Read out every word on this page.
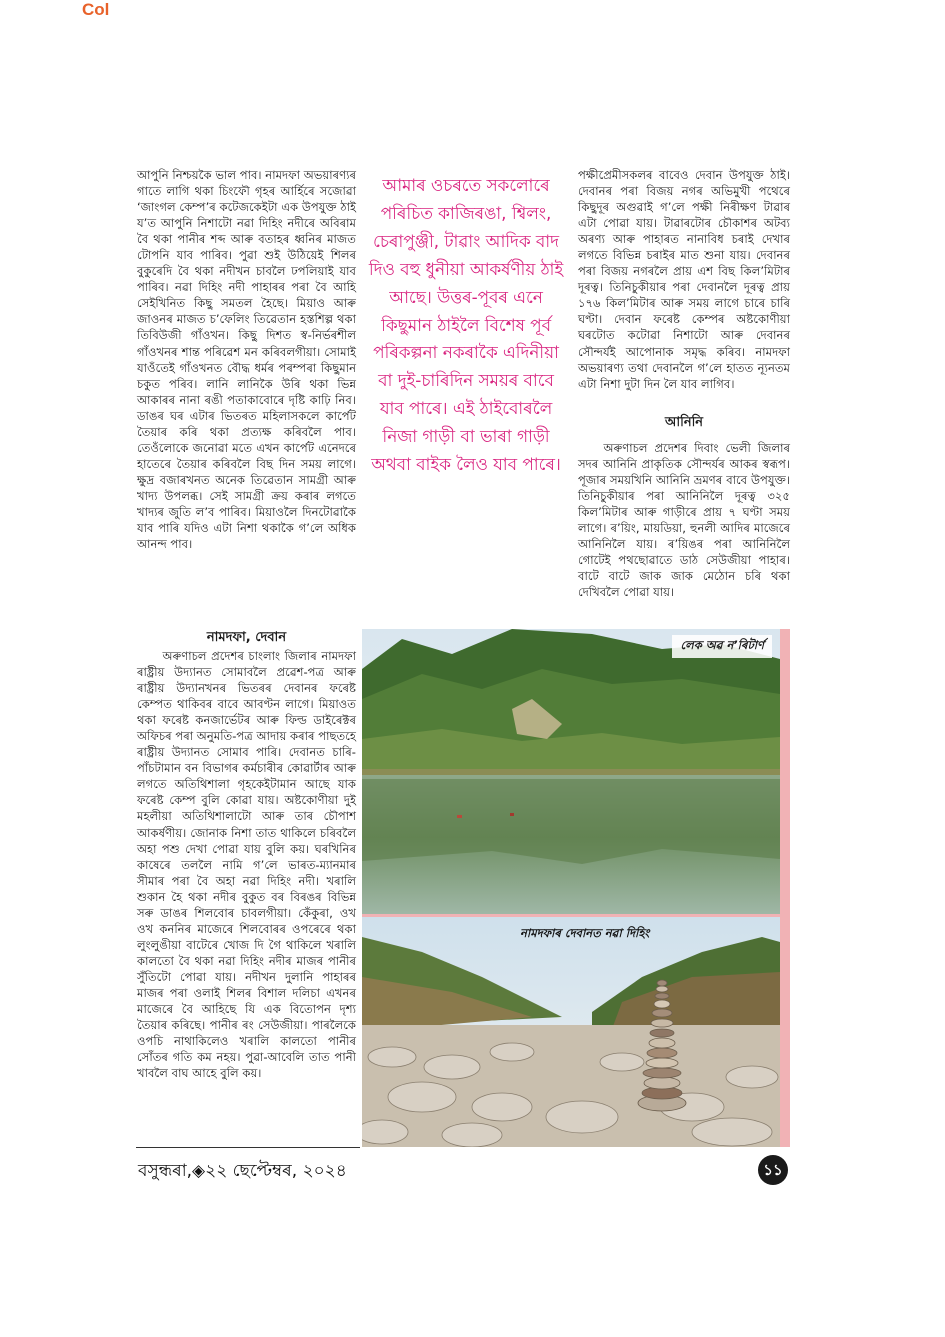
Col

আপুনি নিশ্চয়কৈ ভাল পাব। নামদফা অভয়াৰণ্যৰ গাতে লাগি থকা চিংফৌ গৃহৰ আৰ্হিৰে সজোৱা ‘জাংগল কেম্প’ৰ কটেজকেইটা এক উপযুক্ত ঠাই য’ত আপুনি নিশাটো নৱা দিহিং নদীৰে অবিৰাম বৈ থকা পানীৰ শব্দ আৰু বতাহৰ ধ্বনিৰ মাজত টোপনি যাব পাৰিব। পুৱা শুই উঠিয়েই শিলৰ বুকুৰেদি বৈ থকা নদীখন চাবলৈ ঢপলিয়াই যাব পাৰিব। নৱা দিহিং নদী পাহাৰৰ পৰা বৈ আহি সেইখিনিত কিছু সমতল হৈছে। মিয়াও আৰু জাওনৰ মাজত চ’ফেলিং তিৱেতান হস্তশিল্প থকা তিবিউজী গাঁওখন। কিছু দিশত স্ব-নিৰ্ভৰশীল গাঁওখনৰ শান্ত পৰিৱেশ মন কৰিবলগীয়া। সোমাই যাওঁতেই গাঁওখনত বৌদ্ধ ধৰ্মৰ পৰম্পৰা কিছুমান চকুত পৰিব। লানি লানিকৈ উৰি থকা ভিন্ন আকাৰৰ নানা ৰঙী পতাকাবোৰে দৃষ্টি কাঢ়ি নিব। ডাঙৰ ঘৰ এটাৰ ভিতৰত মহিলাসকলে কাৰ্পেট তৈয়াৰ কৰি থকা প্ৰত্যক্ষ কৰিবলৈ পাব। তেওঁলোকে জনোৱা মতে এখন কাৰ্পেট এনেদৰে হাতেৰে তৈয়াৰ কৰিবলৈ বিছ দিন সময় লাগে। ক্ষুদ্ৰ বজাৰখনত অনেক তিৱেতান সামগ্ৰী আৰু খাদ্য উপলব্ধ। সেই সামগ্ৰী ক্ৰয় কৰাৰ লগতে খাদ্যৰ জুতি ল’ব পাৰিব। মিয়াওলৈ দিনটোৱাকৈ যাব পাৰি যদিও এটা নিশা থকাকৈ গ’লে অধিক আনন্দ পাব।

নামদফা, দেবান

অৰুণাচল প্ৰদেশৰ চাংলাং জিলাৰ নামদফা ৰাষ্ট্ৰীয় উদ্যানত সোমাবলৈ প্ৰৱেশ-পত্ৰ আৰু ৰাষ্ট্ৰীয় উদ্যানখনৰ ভিতৰৰ দেবানৰ ফৰেষ্ট কেম্পত থাকিবৰ বাবে আবণ্টন লাগে। মিয়াওত থকা ফৰেষ্ট কনজাৰ্ভেটৰ আৰু ফিল্ড ডাইৰেক্টৰ অফিচৰ পৰা অনুমতি-পত্ৰ আদায় কৰাৰ পাছতহে ৰাষ্ট্ৰীয় উদ্যানত সোমাব পাৰি। দেবানত চাৰি-পাঁচটামান বন বিভাগৰ কৰ্মচাৰীৰ কোৱাৰ্টাৰ আৰু লগতে অতিথিশালা গৃহকেইটামান আছে যাক ফৰেষ্ট কেম্প বুলি কোৱা যায়। অষ্টকোণীয়া দুই মহলীয়া অতিথিশালাটো আৰু তাৰ চৌপাশ আকৰ্ষণীয়। জোনাক নিশা তাত থাকিলে চৰিবলৈ অহা পশু দেখা পোৱা যায় বুলি কয়। ঘৰখিনিৰ কাষেৰে তললৈ নামি গ’লে ভাৰত-ম্যানমাৰ সীমাৰ পৰা বৈ অহা নৱা দিহিং নদী। খৰালি শুকান হৈ থকা নদীৰ বুকুত বৰ বিৰঙৰ বিভিন্ন সৰু ডাঙৰ শিলবোৰ চাবলগীয়া। কেঁকুৰা, ওখ ওখ কননিৰ মাজেৰে শিলবোৰৰ ওপৰেৰে থকা লুংলুঙীয়া বাটেৰে খোজ দি গৈ থাকিলে খৰালি কালতো বৈ থকা নৱা দিহিং নদীৰ মাজৰ পানীৰ সুঁতিটো পোৱা যায়। নদীখন দুলানি পাহাৰৰ মাজৰ পৰা ওলাই শিলৰ বিশাল দলিচা এখনৰ মাজেৰে বৈ আহিছে যি এক বিতোপন দৃশ্য তৈয়াৰ কৰিছে। পানীৰ ৰং সেউজীয়া। পাৰলৈকে ওপচি নাথাকিলেও খৰালি কালতো পানীৰ সোঁতৰ গতি কম নহয়। পুৱা-আবেলি তাত পানী খাবলৈ বাঘ আহে বুলি কয়।

আমাৰ ওচৰতে সকলোৰে পৰিচিত কাজিৰঙা, শ্বিলং, চেৰাপুঞ্জী, টাৱাং আদিক বাদ দিও বহু ধুনীয়া আকৰ্ষণীয় ঠাই আছে। উত্তৰ-পূবৰ এনে কিছুমান ঠাইলৈ বিশেষ পূৰ্ব পৰিকল্পনা নকৰাকৈ এদিনীয়া বা দুই-চাৰিদিন সময়ৰ বাবে যাব পাৰে। এই ঠাইবোৰলৈ নিজা গাড়ী বা ভাৰা গাড়ী অথবা বাইক লৈও যাব পাৰে।

পক্ষীপ্ৰেমীসকলৰ বাবেও দেবান উপযুক্ত ঠাই। দেবানৰ পৰা বিজয় নগৰ অভিমুখী পথেৰে কিছুদূৰ অগুৱাই গ’লে পক্ষী নিৰীক্ষণ টাৱাৰ এটা পোৱা যায়। টাৱাৰটোৰ চৌকাশৰ অটব্য অৰণ্য আৰু পাহাৰত নানাবিধ চৰাই দেখাৰ লগতে বিভিন্ন চৰাইৰ মাত শুনা যায়। দেবানৰ পৰা বিজয় নগৰলৈ প্ৰায় এশ বিছ কিল’মিটাৰ দূৰত্ব। তিনিচুকীয়াৰ পৰা দেবানলৈ দূৰত্ব প্ৰায় ১৭৬ কিল’মিটাৰ আৰু সময় লাগে চাৰে চাৰি ঘণ্টা। দেবান ফৰেষ্ট কেম্পৰ অষ্টকোণীয়া ঘৰটোত কটোৱা নিশাটো আৰু দেবানৰ সৌন্দৰ্যই আপোনাক সমৃদ্ধ কৰিব। নামদফা অভয়াৰণ্য তথা দেবানলৈ গ’লে হাতত ন্যূনতম এটা নিশা দুটা দিন লৈ যাব লাগিব।

আনিনি

অৰুণাচল প্ৰদেশৰ দিবাং ভেলী জিলাৰ সদৰ আনিনি প্ৰাকৃতিক সৌন্দৰ্যৰ আকৰ স্বৰূপ। পূজাৰ সময়খিনি আনিনি ভ্ৰমণৰ বাবে উপযুক্ত। তিনিচুকীয়াৰ পৰা আনিনিলৈ দূৰত্ব ৩২৫ কিল’মিটাৰ আৰু গাড়ীৰে প্ৰায় ৭ ঘণ্টা সময় লাগে। ৰ’য়িং, মায়ডিয়া, হুনলী আদিৰ মাজেৰে আনিনিলৈ যায়। ৰ’য়িঙৰ পৰা আনিনিলৈ গোটেই পথছোৱাতে ডাঠ সেউজীয়া পাহাৰ। বাটে বাটে জাক জাক মেঠোন চৰি থকা দেখিবলৈ পোৱা যায়।

লেক অৱ ন’ৰিটাৰ্ণ
নামদফাৰ দেবানত নৱা দিহিং
বসুন্ধৰা,◈২২ ছেপ্টেম্বৰ, ২০২৪	১১
